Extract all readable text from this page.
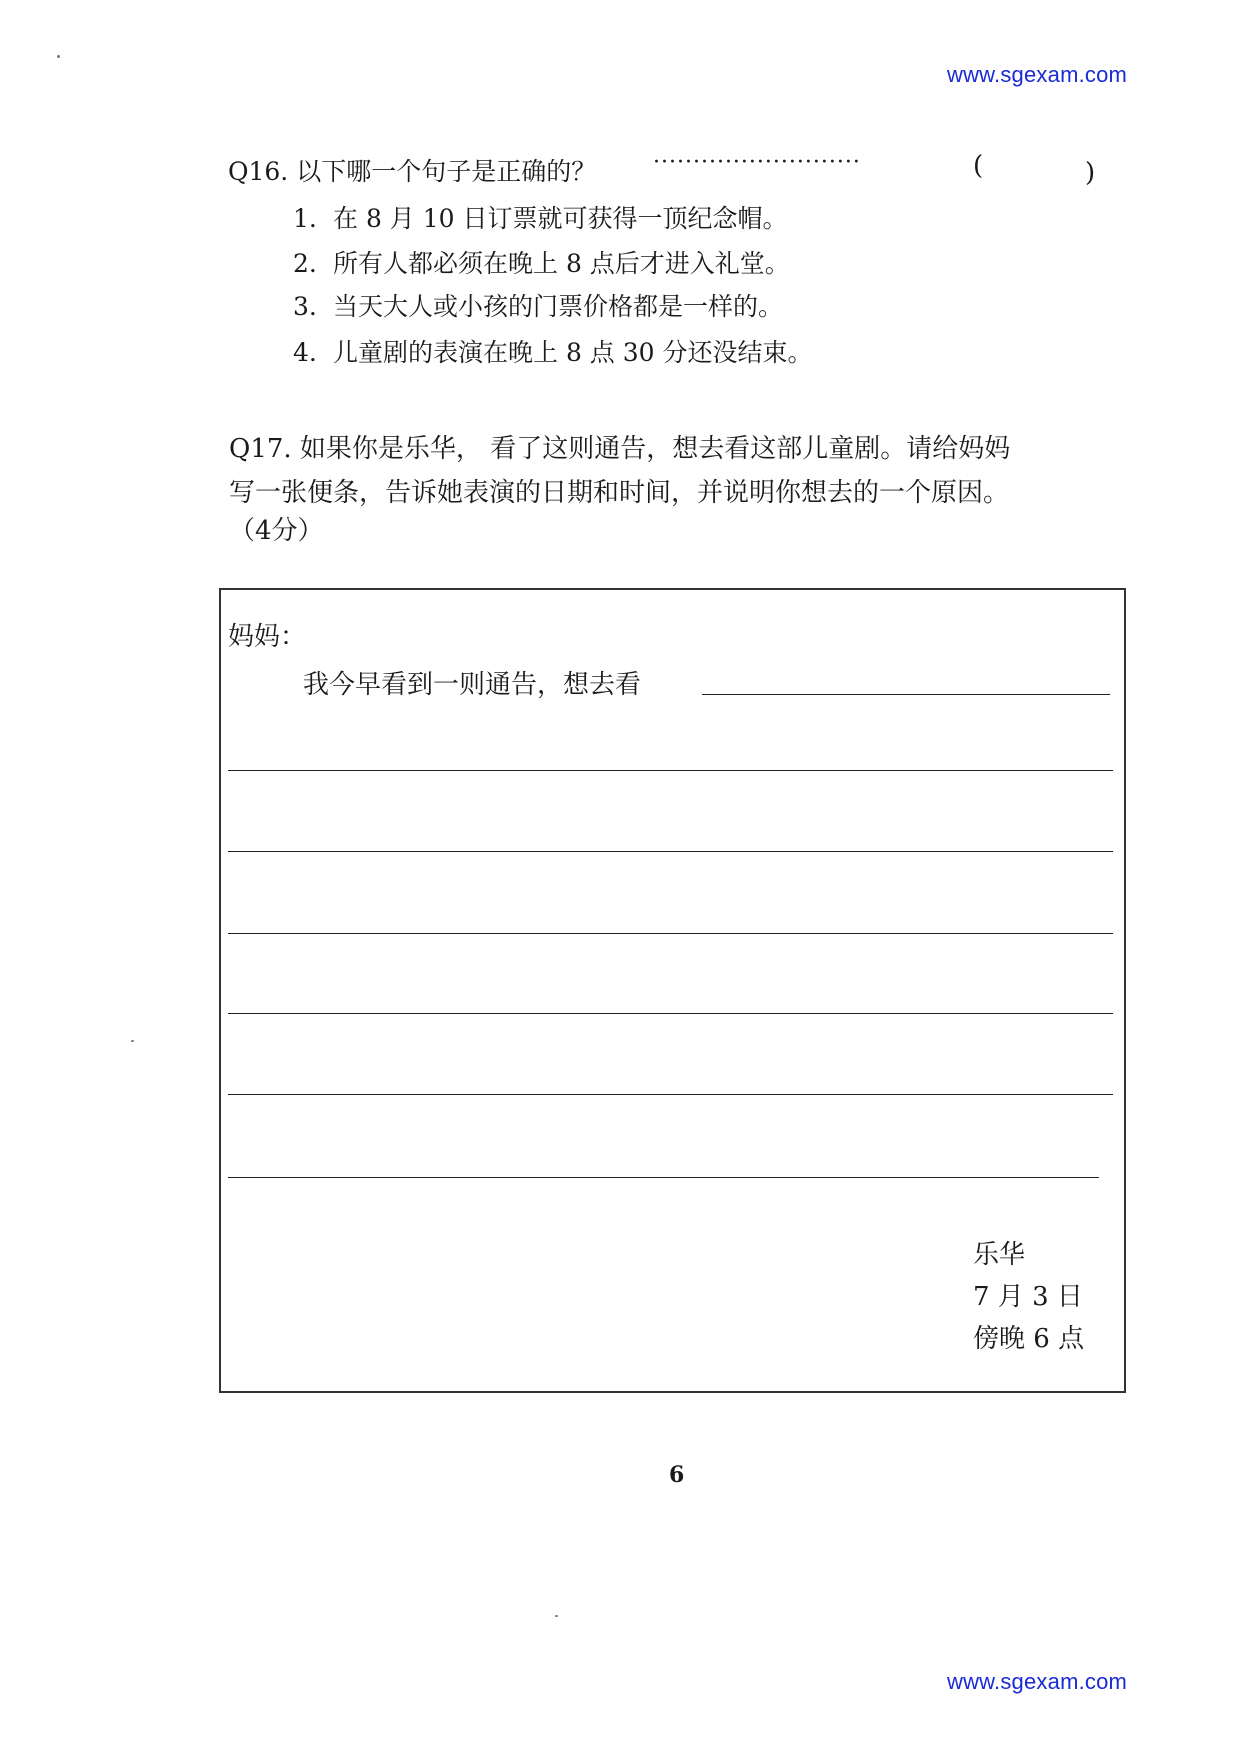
www.sgexam.com
www.sgexam.com
Q16. 以下哪一个句子是正确的？	··························	(	)
1. 在 8 月 10 日订票就可获得一顶纪念帽。
2. 所有人都必须在晚上 8 点后才进入礼堂。
3. 当天大人或小孩的门票价格都是一样的。
4. 儿童剧的表演在晚上 8 点 30 分还没结束。
Q17. 如果你是乐华， 看了这则通告，想去看这部儿童剧。请给妈妈
写一张便条，告诉她表演的日期和时间，并说明你想去的一个原因。
（4分）
妈妈：
我今早看到一则通告，想去看
乐华
7 月 3 日
傍晚 6 点
6
